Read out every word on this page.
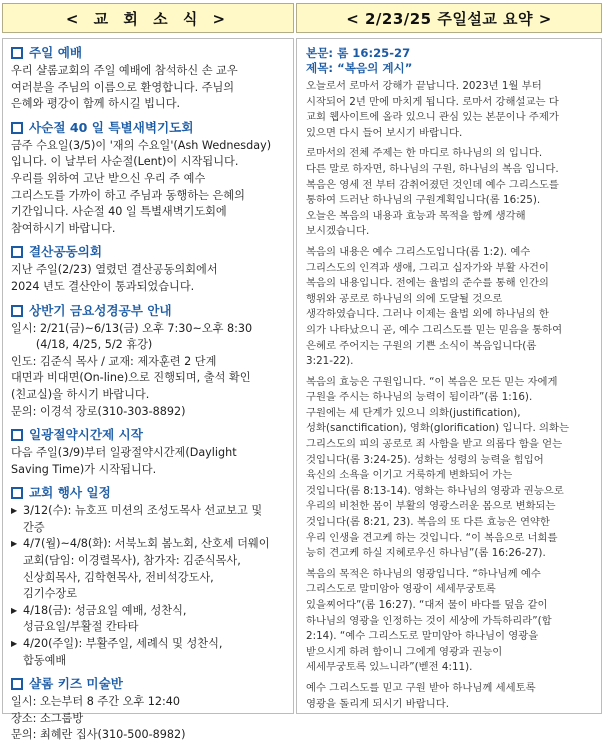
< 교 회 소 식 >	< 2/23/25 주일설교 요약 >
주일 예배

우리 샬롬교회의 주일 예배에 참석하신 손 교우
여러분을 주님의 이름으로 환영합니다. 주님의
은혜와 평강이 함께 하시길 빕니다.

사순절 40 일 특별새벽기도회

금주 수요일(3/5)이 '재의 수요일'(Ash Wednesday)
입니다. 이 날부터 사순절(Lent)이 시작됩니다.
우리를 위하여 고난 받으신 우리 주 예수
그리스도를 가까이 하고 주님과 동행하는 은혜의
기간입니다. 사순절 40 일 특별새벽기도회에
참여하시기 바랍니다.

결산공동의회

지난 주일(2/23) 열렸던 결산공동의회에서
2024 년도 결산안이 통과되었습니다.

상반기 금요성경공부 안내

일시: 2/21(금)~6/13(금) 오후 7:30~오후 8:30
(4/18, 4/25, 5/2 휴강)
인도: 김준식 목사 / 교재: 제자훈련 2 단계
대면과 비대면(On-line)으로 진행되며, 출석 확인
(친교실)을 하시기 바랍니다.
문의: 이경석 장로(310-303-8892)

일광절약시간제 시작

다음 주일(3/9)부터 일광절약시간제(Daylight
Saving Time)가 시작됩니다.

교회 행사 일정
▶ 3/12(수): 뉴호프 미션의 조성도목사 선교보고 및
간증
▶ 4/7(월)~4/8(화): 서북노회 봄노회, 산호세 더웨이
교회(담임: 이경렬목사), 참가자: 김준식목사,
신상희목사, 김학현목사, 전비석강도사,
김기수장로
▶ 4/18(금): 성금요일 예배, 성찬식,
성금요일/부활절 칸타타
▶ 4/20(주일): 부활주일, 세례식 및 성찬식,
합동예배
샬롬 키즈 미술반

일시: 오는부터 8 주간 오후 12:40
장소: 소그룹방
문의: 최혜란 집사(310-500-8982)

본문: 롬 16:25-27
제목: “복음의 계시”

오늘로서 로마서 강해가 끝납니다. 2023년 1월 부터
시작되어 2년 만에 마치게 됩니다. 로마서 강해설교는 다
교회 웹사이트에 올라 있으니 관심 있는 본문이나 주제가
있으면 다시 들어 보시기 바랍니다.

로마서의 전체 주제는 한 마디로 하나님의 의 입니다.
다른 말로 하자면, 하나님의 구원, 하나님의 복음 입니다.
복음은 영세 전 부터 감취어졌던 것인데 예수 그리스도를
통하여 드러난 하나님의 구원계획입니다(롬 16:25).
오늘은 복음의 내용과 효능과 목적을 함께 생각해
보시겠습니다.

복음의 내용은 예수 그리스도입니다(롬 1:2). 예수
그리스도의 인격과 생애, 그리고 십자가와 부활 사건이
복음의 내용입니다. 전에는 율법의 준수를 통해 인간의
행위와 공로로 하나님의 의에 도달될 것으로
생각하였습니다. 그러나 이제는 율법 외에 하나님의 한
의가 나타났으니 곧, 예수 그리스도를 믿는 믿음을 통하여
은혜로 주어지는 구원의 기쁜 소식이 복음입니다(롬
3:21-22).

복음의 효능은 구원입니다. “이 복음은 모든 믿는 자에게
구원을 주시는 하나님의 능력이 됨이라”(롬 1:16).
구원에는 세 단계가 있으니 의화(justification),
성화(sanctification), 영화(glorification) 입니다. 의화는
그리스도의 피의 공로로 죄 사함을 받고 의롭다 함을 얻는
것입니다(롬 3:24-25). 성화는 성령의 능력을 힘입어
육신의 소욕을 이기고 거룩하게 변화되어 가는
것입니다(롬 8:13-14). 영화는 하나님의 영광과 권능으로
우리의 비천한 몸이 부활의 영광스러운 몸으로 변화되는
것입니다(롬 8:21, 23). 복음의 또 다른 효능은 연약한
우리 인생을 견고케 하는 것입니다. “이 복음으로 너희를
능히 견고케 하실 지혜로우신 하나님”(롬 16:26-27).

복음의 목적은 하나님의 영광입니다. “하나님께 예수
그리스도로 말미암아 영광이 세세무궁토록
있을찌어다”(롬 16:27). “대저 물이 바다를 덮음 같이
하나님의 영광을 인정하는 것이 세상에 가득하리라”(합
2:14). “예수 그리스도로 말미암아 하나님이 영광을
받으시게 하려 함이니 그에게 영광과 권능이
세세무궁토록 있느니라”(벧전 4:11).

예수 그리스도를 믿고 구원 받아 하나님께 세세토록
영광을 돌리게 되시기 바랍니다.
